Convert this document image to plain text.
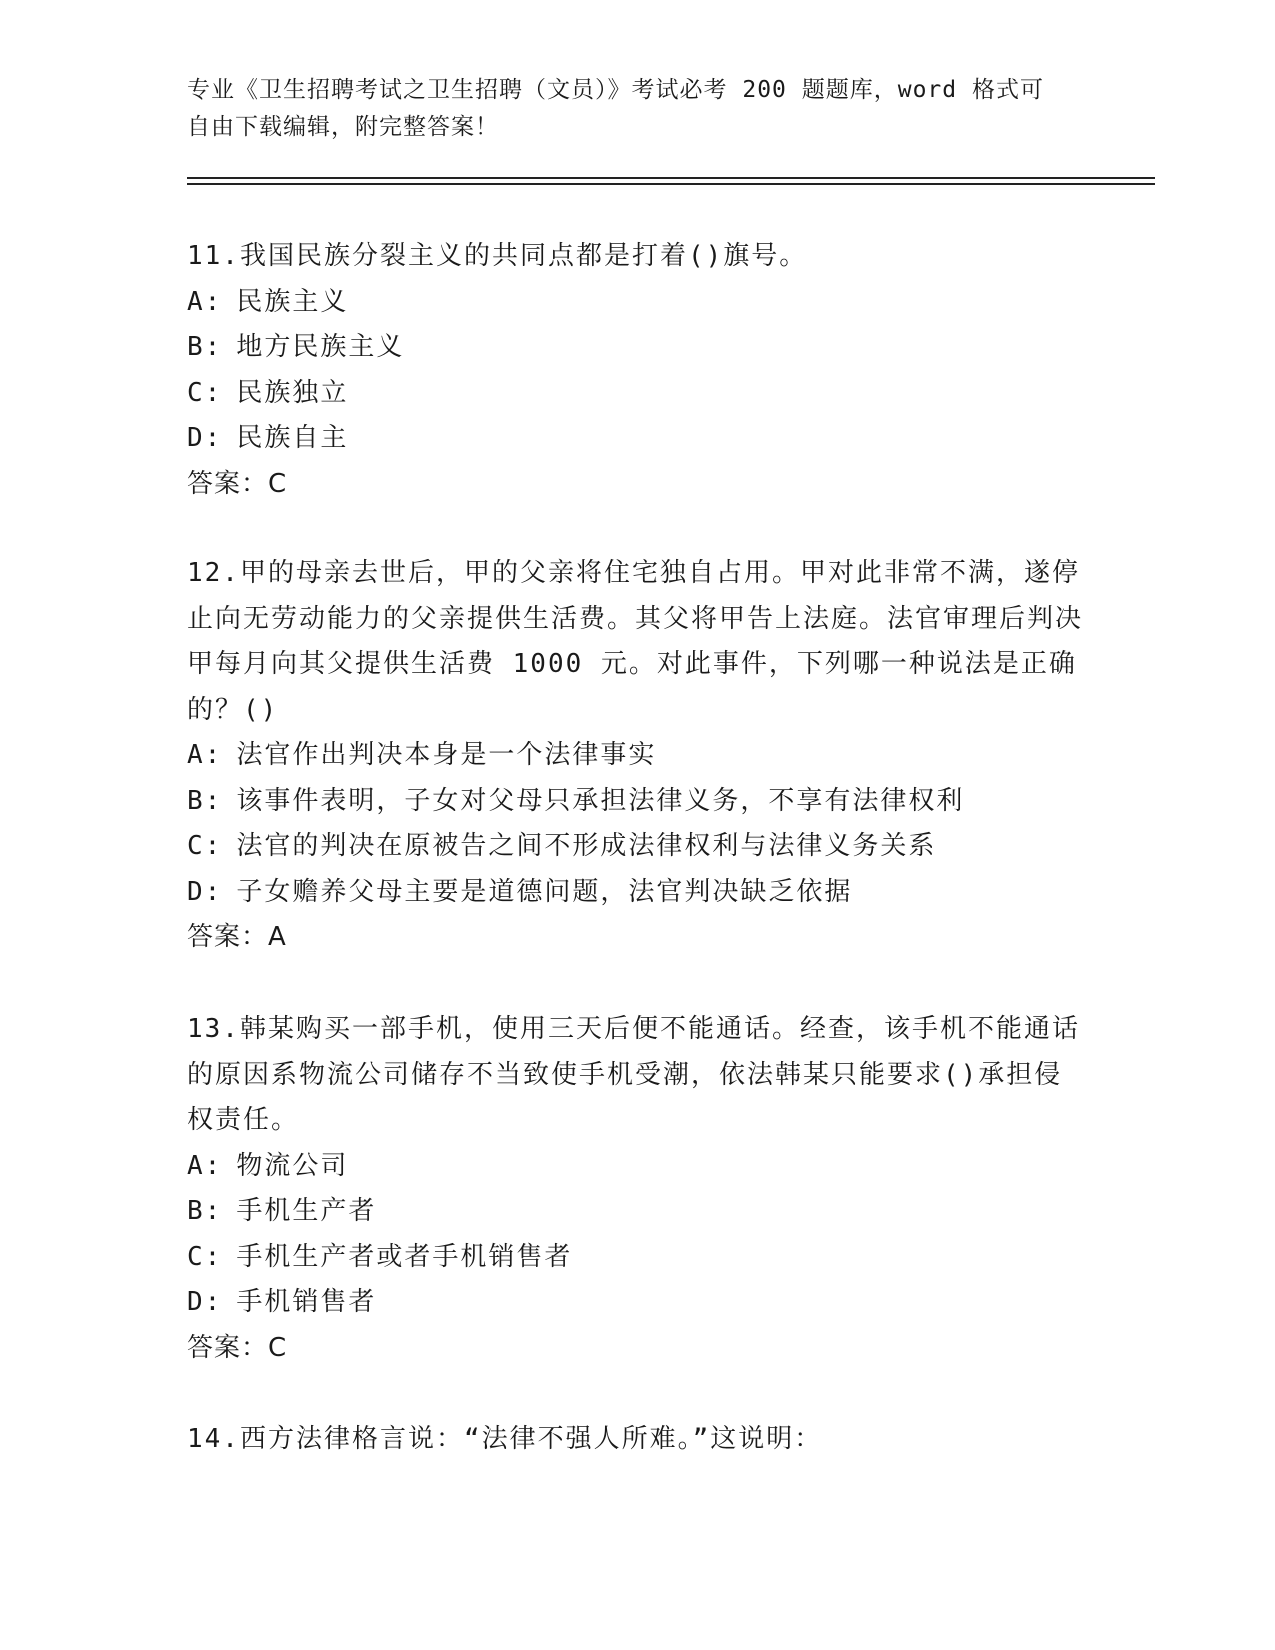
专业《卫生招聘考试之卫生招聘（文员）》考试必考 200 题题库，word 格式可自由下载编辑，附完整答案！
11.我国民族分裂主义的共同点都是打着()旗号。
A: 民族主义
B: 地方民族主义
C: 民族独立
D: 民族自主
答案：C
12.甲的母亲去世后，甲的父亲将住宅独自占用。甲对此非常不满，遂停止向无劳动能力的父亲提供生活费。其父将甲告上法庭。法官审理后判决甲每月向其父提供生活费 1000 元。对此事件，下列哪一种说法是正确的？()
A: 法官作出判决本身是一个法律事实
B: 该事件表明，子女对父母只承担法律义务，不享有法律权利
C: 法官的判决在原被告之间不形成法律权利与法律义务关系
D: 子女赡养父母主要是道德问题，法官判决缺乏依据
答案：A
13.韩某购买一部手机，使用三天后便不能通话。经查，该手机不能通话的原因系物流公司储存不当致使手机受潮，依法韩某只能要求()承担侵权责任。
A: 物流公司
B: 手机生产者
C: 手机生产者或者手机销售者
D: 手机销售者
答案：C
14.西方法律格言说：“法律不强人所难。”这说明：
